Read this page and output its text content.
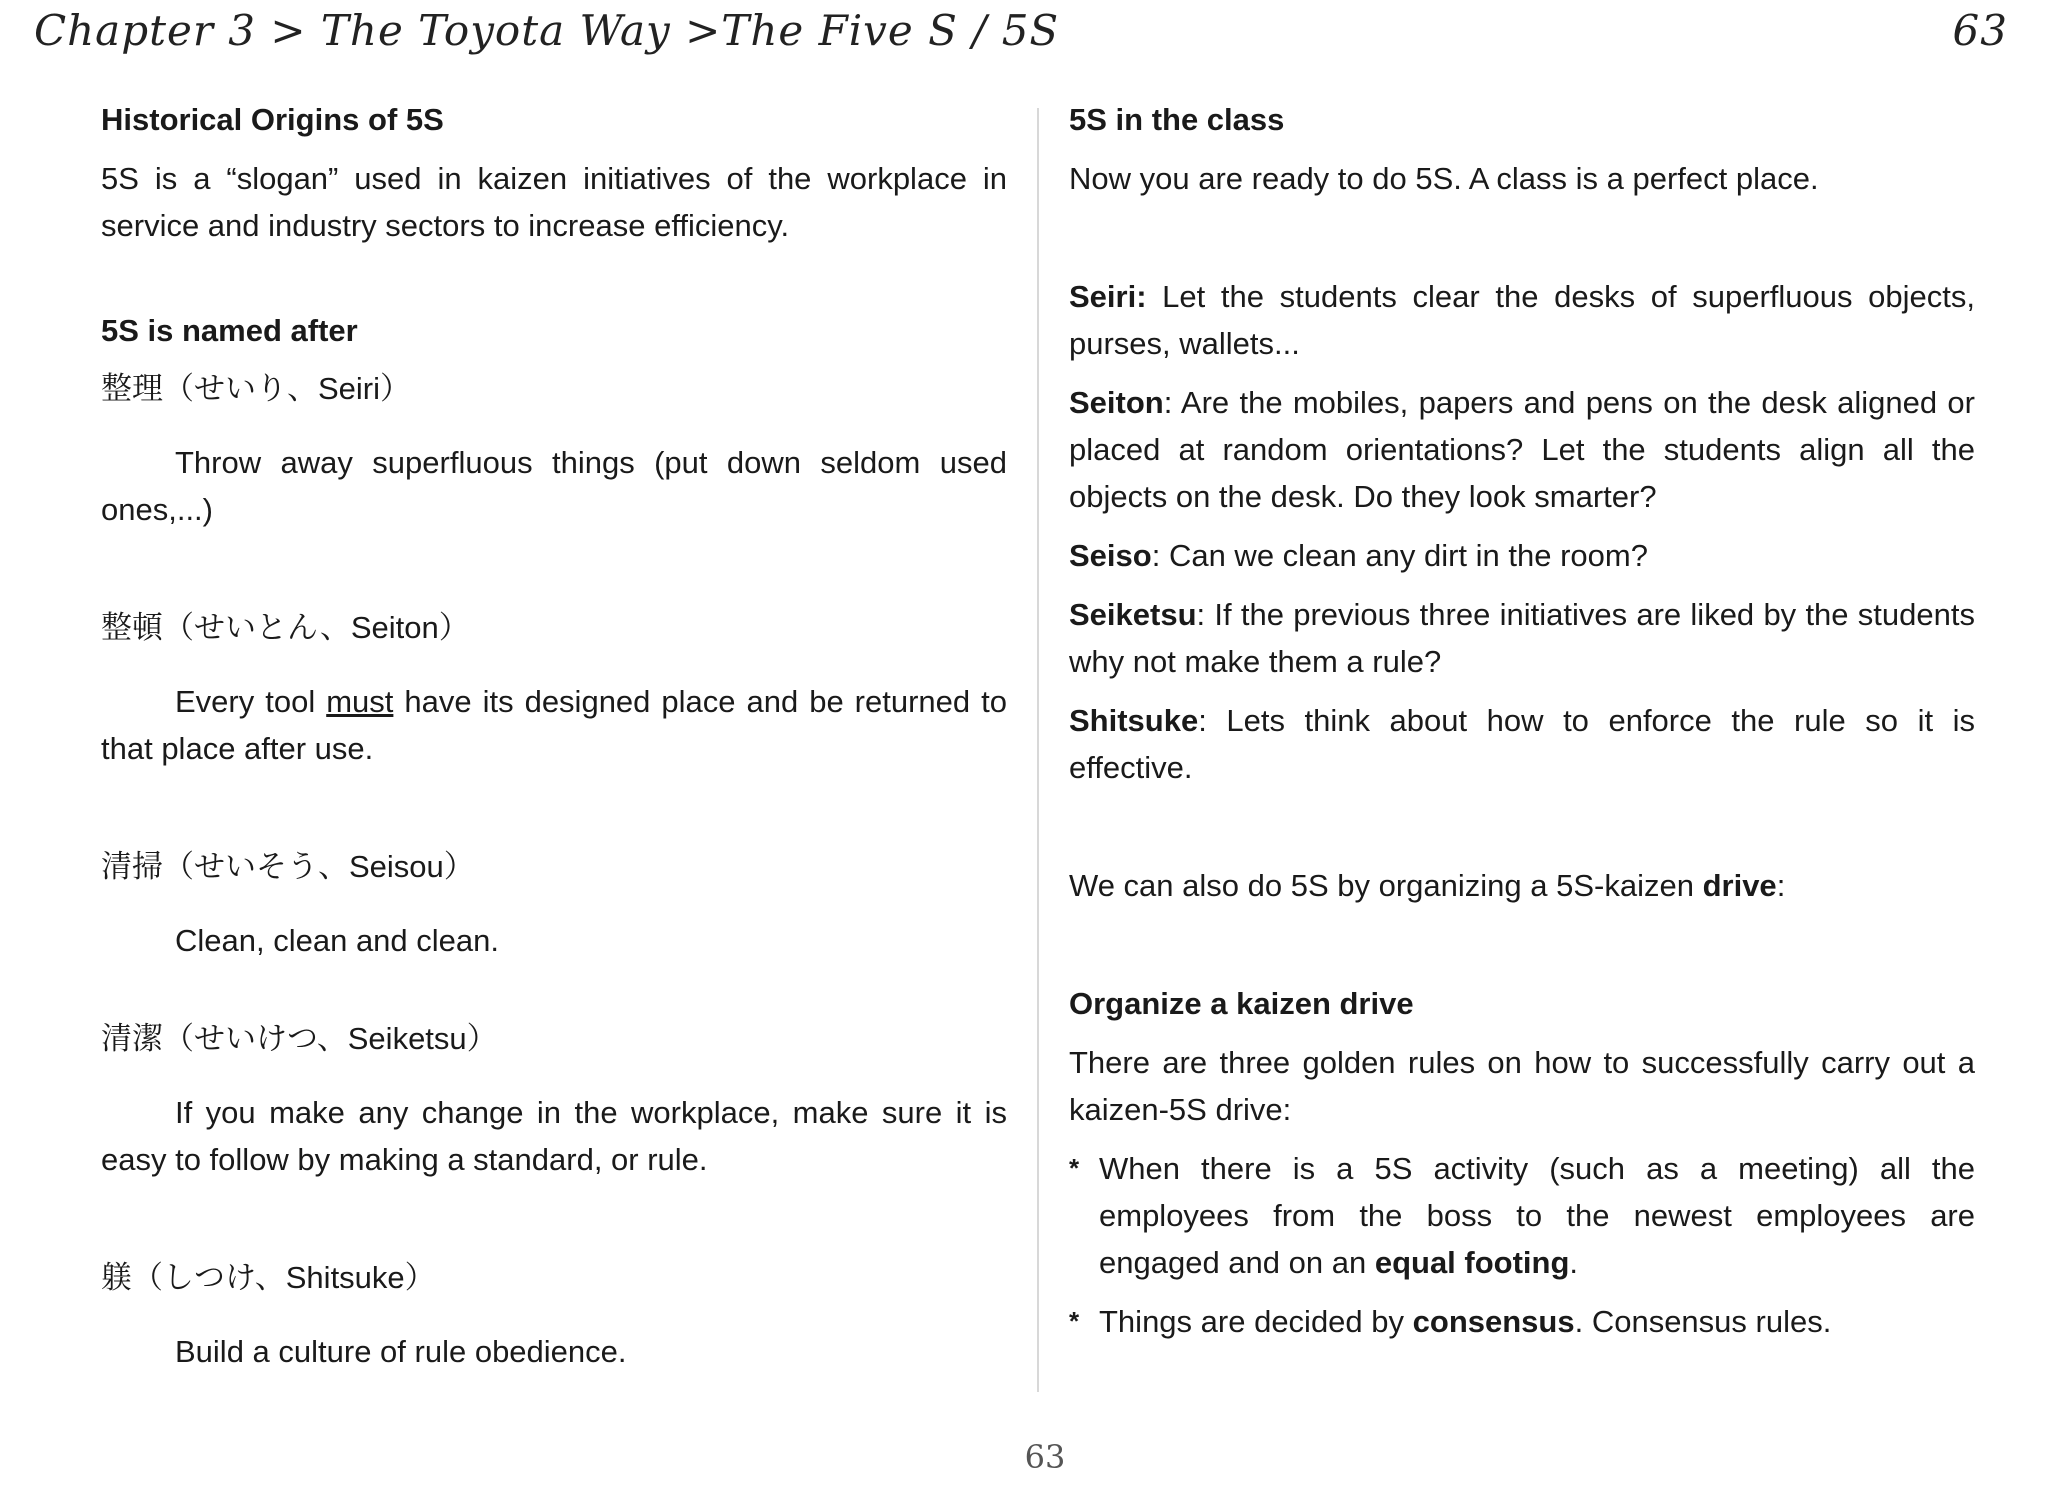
Chapter 3 > The Toyota Way >The Five S / 5S	63

Historical Origins of 5S

5S is a “slogan” used in kaizen initiatives of the workplace in service and industry sectors to increase efficiency.

5S is named after

整理（せいり、Seiri）

Throw away superfluous things (put down seldom used ones,...)

整頓（せいとん、Seiton）

Every tool must have its designed place and be returned to that place after use.

清掃（せいそう、Seisou）

Clean, clean and clean.

清潔（せいけつ、Seiketsu）

If you make any change in the workplace, make sure it is easy to follow by making a standard, or rule.

躾（しつけ、Shitsuke）

Build a culture of rule obedience.

5S in the class

Now you are ready to do 5S. A class is a perfect place.

Seiri: Let the students clear the desks of superfluous objects, purses, wallets...

Seiton: Are the mobiles, papers and pens on the desk aligned or placed at random orientations? Let the students align all the objects on the desk. Do they look smarter?

Seiso: Can we clean any dirt in the room?

Seiketsu: If the previous three initiatives are liked by the students why not make them a rule?

Shitsuke: Lets think about how to enforce the rule so it is effective.

We can also do 5S by organizing a 5S-kaizen drive:

Organize a kaizen drive

There are three golden rules on how to successfully carry out a kaizen-5S drive:

* When there is a 5S activity (such as a meeting) all the employees from the boss to the newest employees are engaged and on an equal footing.
* Things are decided by consensus. Consensus rules.
63
